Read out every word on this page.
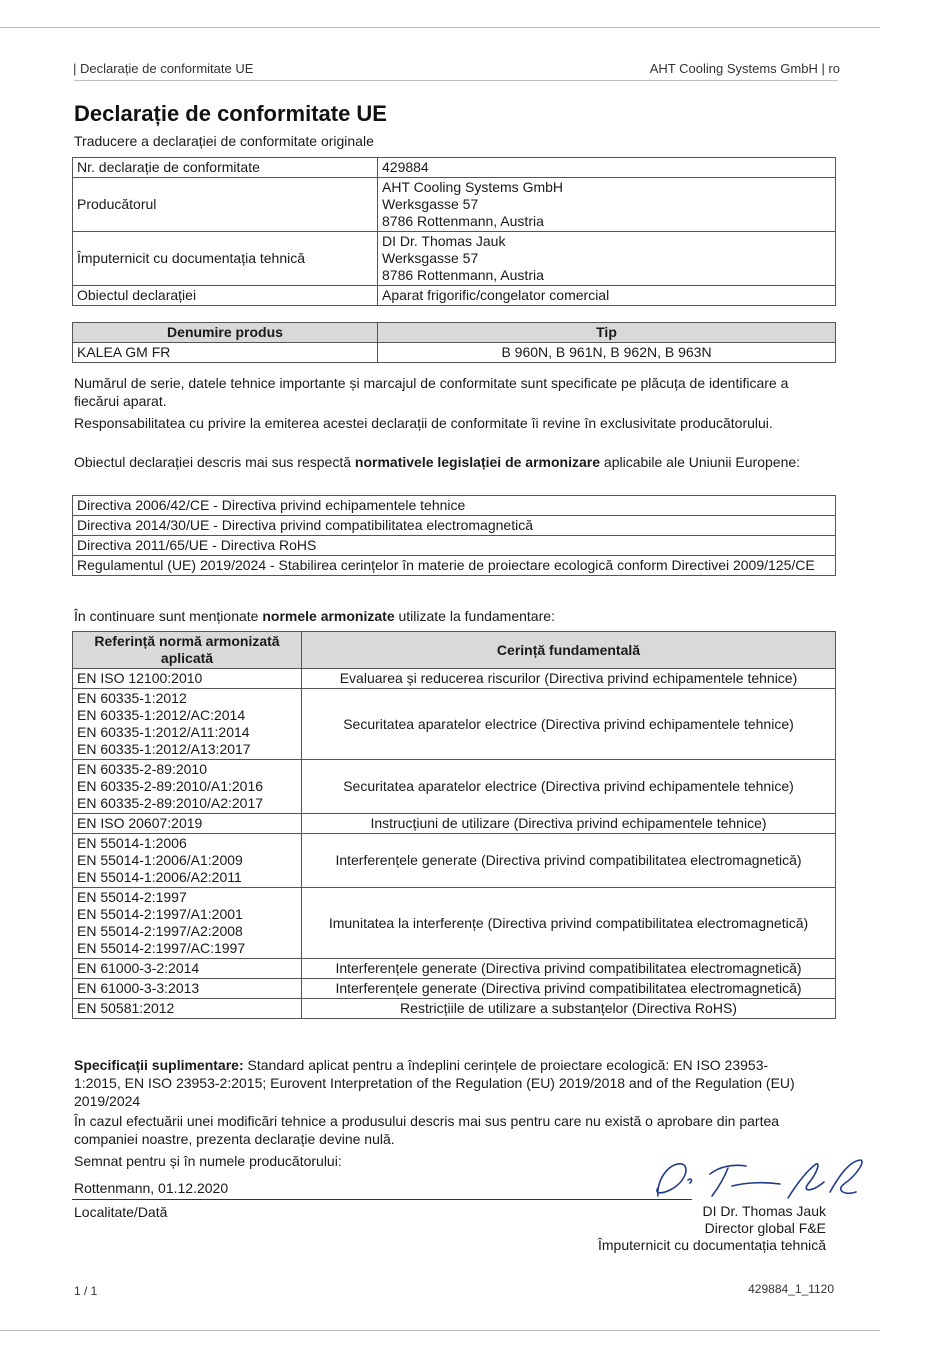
| Declarație de conformitate UE	AHT Cooling Systems GmbH | ro
Declarație de conformitate UE
Traducere a declarației de conformitate originale
Nr. declarație de conformitate	429884
Producătorul	AHT Cooling Systems GmbH
Werksgasse 57
8786 Rottenmann, Austria

Împuternicit cu documentația tehnică	DI Dr. Thomas Jauk
Werksgasse 57
8786 Rottenmann, Austria

Obiectul declarației	Aparat frigorific/congelator comercial
Denumire produs	Tip
KALEA GM FR	B 960N, B 961N, B 962N, B 963N
Numărul de serie, datele tehnice importante și marcajul de conformitate sunt specificate pe plăcuța de identificare a fiecărui aparat.
Responsabilitatea cu privire la emiterea acestei declarații de conformitate îi revine în exclusivitate producătorului.
Obiectul declarației descris mai sus respectă normativele legislației de armonizare aplicabile ale Uniunii Europene:
Directiva 2006/42/CE - Directiva privind echipamentele tehnice
Directiva 2014/30/UE - Directiva privind compatibilitatea electromagnetică
Directiva 2011/65/UE - Directiva RoHS
Regulamentul (UE) 2019/2024 - Stabilirea cerințelor în materie de proiectare ecologică conform Directivei 2009/125/CE
În continuare sunt menționate normele armonizate utilizate la fundamentare:
Referință normă armonizată aplicată	Cerință fundamentală

EN ISO 12100:2010	Evaluarea și reducerea riscurilor (Directiva privind echipamentele tehnice)

EN 60335-1:2012
EN 60335-1:2012/AC:2014
EN 60335-1:2012/A11:2014
EN 60335-1:2012/A13:2017	Securitatea aparatelor electrice (Directiva privind echipamentele tehnice)

EN 60335-2-89:2010
EN 60335-2-89:2010/A1:2016
EN 60335-2-89:2010/A2:2017	Securitatea aparatelor electrice (Directiva privind echipamentele tehnice)

EN ISO 20607:2019	Instrucțiuni de utilizare (Directiva privind echipamentele tehnice)

EN 55014-1:2006
EN 55014-1:2006/A1:2009
EN 55014-1:2006/A2:2011	Interferențele generate (Directiva privind compatibilitatea electromagnetică)

EN 55014-2:1997
EN 55014-2:1997/A1:2001
EN 55014-2:1997/A2:2008
EN 55014-2:1997/AC:1997	Imunitatea la interferențe (Directiva privind compatibilitatea electromagnetică)

EN 61000-3-2:2014	Interferențele generate (Directiva privind compatibilitatea electromagnetică)

EN 61000-3-3:2013	Interferențele generate (Directiva privind compatibilitatea electromagnetică)

EN 50581:2012	Restricțiile de utilizare a substanțelor (Directiva RoHS)
Specificații suplimentare: Standard aplicat pentru a îndeplini cerințele de proiectare ecologică: EN ISO 23953-1:2015, EN ISO 23953-2:2015; Eurovent Interpretation of the Regulation (EU) 2019/2018 and of the Regulation (EU) 2019/2024
În cazul efectuării unei modificări tehnice a produsului descris mai sus pentru care nu există o aprobare din partea companiei noastre, prezenta declarație devine nulă.
Semnat pentru și în numele producătorului:
Rottenmann, 01.12.2020
Localitate/Dată	DI Dr. Thomas Jauk
Director global F&E
Împuternicit cu documentația tehnică
1 / 1	429884_1_1120
